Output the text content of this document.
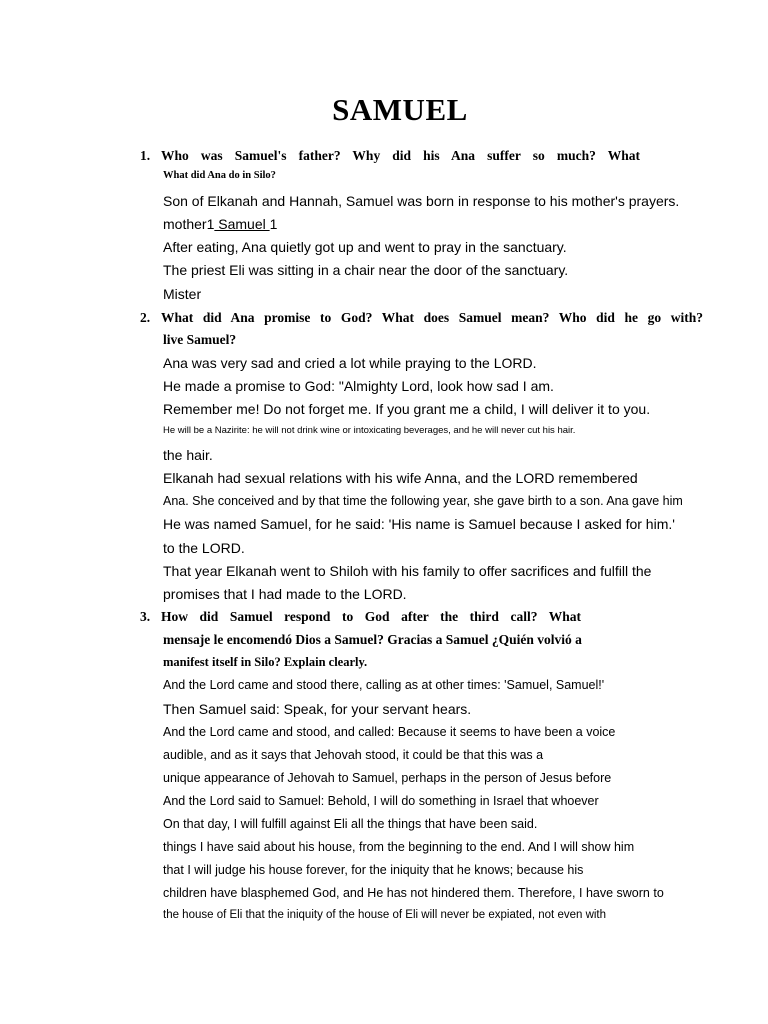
SAMUEL
1. Who was Samuel's father? Why did his Ana suffer so much? What
What did Ana do in Silo?
Son of Elkanah and Hannah, Samuel was born in response to his mother's prayers.
mother1 Samuel 1
After eating, Ana quietly got up and went to pray in the sanctuary.
The priest Eli was sitting in a chair near the door of the sanctuary.
Mister
2. What did Ana promise to God? What does Samuel mean? Who did he go with?
live Samuel?
Ana was very sad and cried a lot while praying to the LORD.
He made a promise to God: "Almighty Lord, look how sad I am.
Remember me! Do not forget me. If you grant me a child, I will deliver it to you.
He will be a Nazirite: he will not drink wine or intoxicating beverages, and he will never cut his hair.
the hair.
Elkanah had sexual relations with his wife Anna, and the LORD remembered
Ana. She conceived and by that time the following year, she gave birth to a son. Ana gave him
He was named Samuel, for he said: 'His name is Samuel because I asked for him.'
to the LORD.
That year Elkanah went to Shiloh with his family to offer sacrifices and fulfill the
promises that I had made to the LORD.
3. How did Samuel respond to God after the third call? What
mensaje le encomendó Dios a Samuel? Gracias a Samuel ¿Quién volvió a
manifest itself in Silo? Explain clearly.
And the Lord came and stood there, calling as at other times: 'Samuel, Samuel!'
Then Samuel said: Speak, for your servant hears.
And the Lord came and stood, and called: Because it seems to have been a voice
audible, and as it says that Jehovah stood, it could be that this was a
unique appearance of Jehovah to Samuel, perhaps in the person of Jesus before
And the Lord said to Samuel: Behold, I will do something in Israel that whoever
On that day, I will fulfill against Eli all the things that have been said.
things I have said about his house, from the beginning to the end. And I will show him
that I will judge his house forever, for the iniquity that he knows; because his
children have blasphemed God, and He has not hindered them. Therefore, I have sworn to
the house of Eli that the iniquity of the house of Eli will never be expiated, not even with
